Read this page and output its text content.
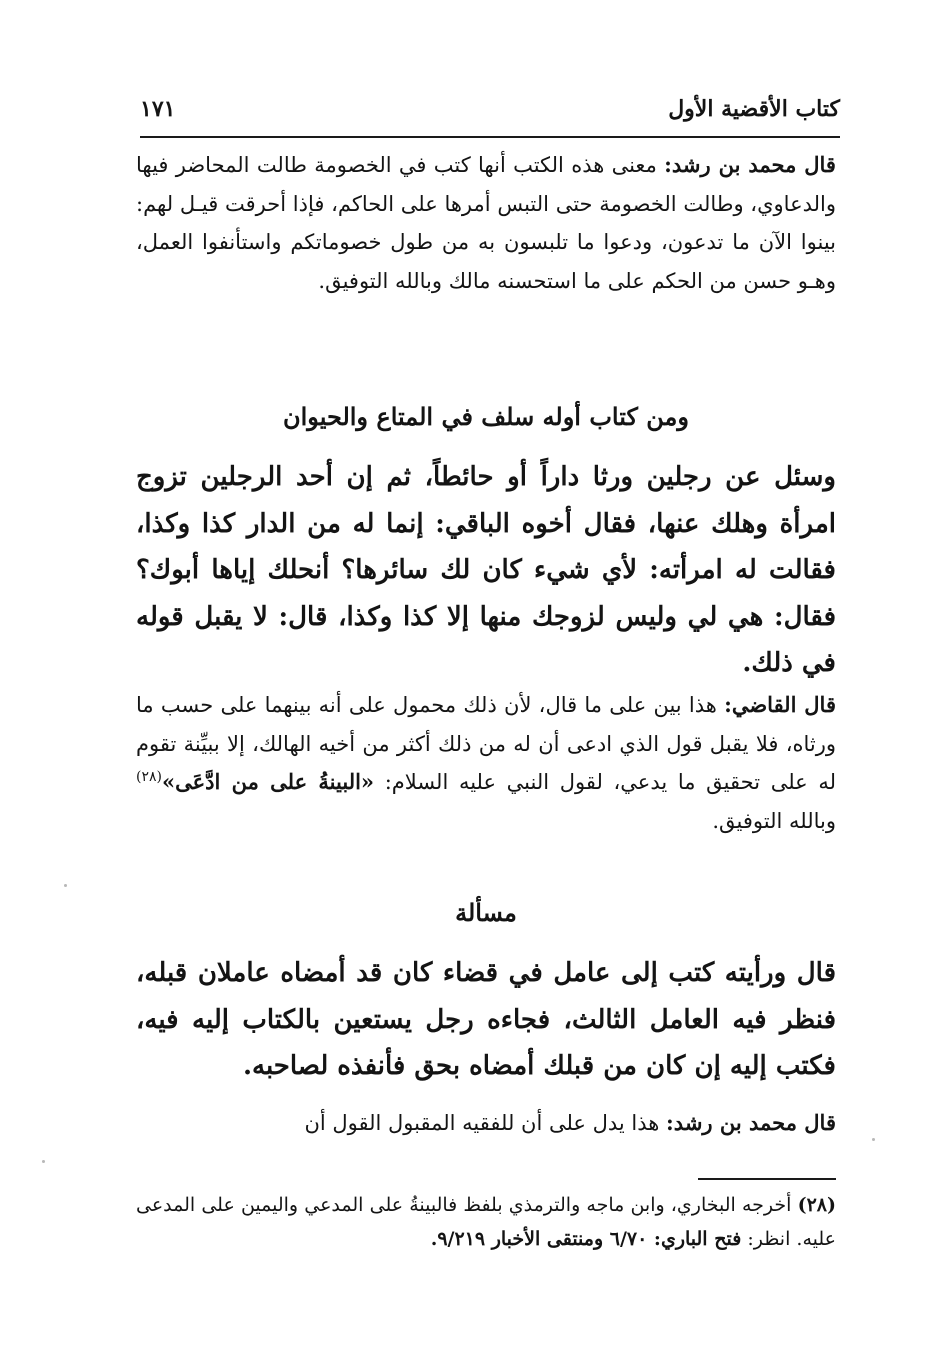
كتاب الأقضية الأول
١٧١

قال محمد بن رشد: معنى هذه الكتب أنها كتب في الخصومة طالت المحاضر فيها والدعاوي، وطالت الخصومة حتى التبس أمرها على الحاكم، فإذا أحرقت قيـل لهم: بينوا الآن ما تدعون، ودعوا ما تلبسون به من طول خصوماتكم واستأنفوا العمل، وهـو حسن من الحكم على ما استحسنه مالك وبالله التوفيق.

ومن كتاب أوله سلف في المتاع والحيوان

وسئل عن رجلين ورثا داراً أو حائطاً، ثم إن أحد الرجلين تزوج امرأة وهلك عنها، فقال أخوه الباقي: إنما له من الدار كذا وكذا، فقالت له امرأته: لأي شيء كان لك سائرها؟ أنحلك إياها أبوك؟ فقال: هي لي وليس لزوجك منها إلا كذا وكذا، قال: لا يقبل قوله في ذلك.

قال القاضي: هذا بين على ما قال، لأن ذلك محمول على أنه بينهما على حسب ما ورثاه، فلا يقبل قول الذي ادعى أن له من ذلك أكثر من أخيه الهالك، إلا ببيِّنة تقوم له على تحقيق ما يدعي، لقول النبي عليه السلام: «البينةُ على من ادَّعَى»$^{(٢٨)}$ وبالله التوفيق.

مسألة

قال ورأيته كتب إلى عامل في قضاء كان قد أمضاه عاملان قبله، فنظر فيه العامل الثالث، فجاءه رجل يستعين بالكتاب إليه فيه، فكتب إليه إن كان من قبلك أمضاه بحق فأنفذه لصاحبه.

قال محمد بن رشد: هذا يدل على أن للفقيه المقبول القول أن

(٢٨) أخرجه البخاري، وابن ماجه والترمذي بلفظ فالبينةُ على المدعي واليمين على المدعى عليه. انظر: فتح الباري: ٦/٧٠ ومنتقى الأخبار ٩/٢١٩.
